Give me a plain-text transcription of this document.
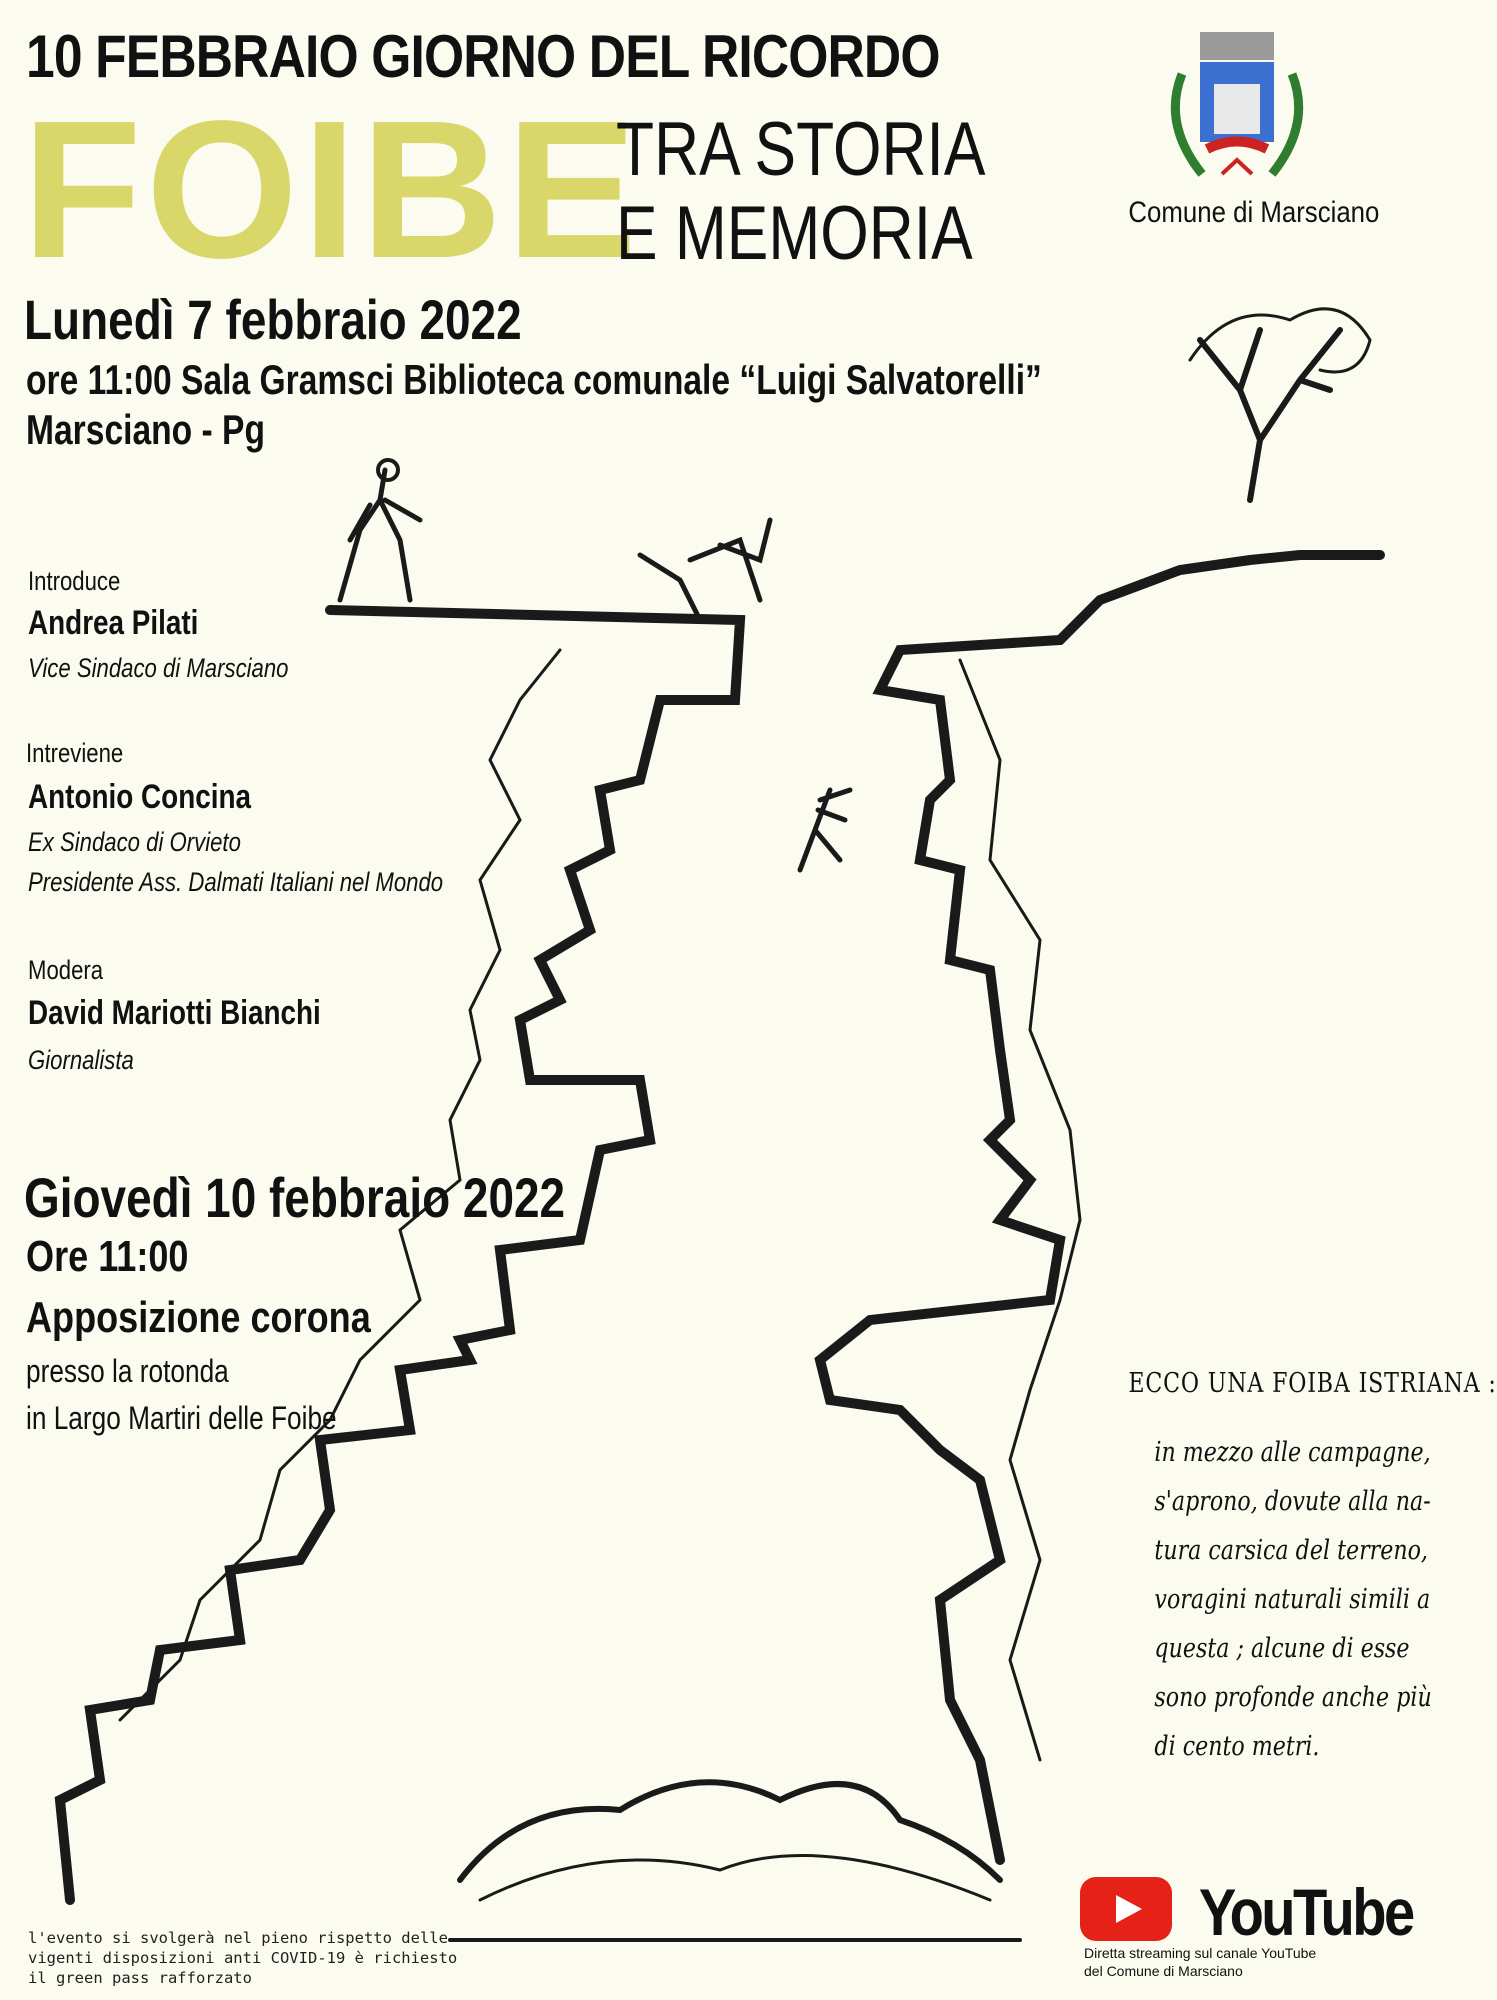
10 FEBBRAIO GIORNO DEL RICORDO
FOIBE
TRA STORIA
E MEMORIA	Comune di Marsciano
Lunedì 7 febbraio 2022
ore 11:00 Sala Gramsci Biblioteca comunale “Luigi Salvatorelli”
Marsciano - Pg
Introduce
Andrea Pilati
Vice Sindaco di Marsciano
Intreviene
Antonio Concina
Ex Sindaco di Orvieto
Presidente Ass. Dalmati Italiani nel Mondo
Modera
David Mariotti Bianchi
Giornalista
Giovedì 10 febbraio 2022
Ore 11:00
Apposizione corona
presso la rotonda
in Largo Martiri delle Foibe
ECCO UNA FOIBA ISTRIANA :
in mezzo alle campagne,
s'aprono, dovute alla na-
tura carsica del terreno,
voragini naturali simili a
questa ; alcune di esse
sono profonde anche più
di cento metri.
l'evento si svolgerà nel pieno rispetto delle
vigenti disposizioni anti COVID-19 è richiesto
il green pass rafforzato
YouTube
Diretta streaming sul canale YouTube
del Comune di Marsciano
